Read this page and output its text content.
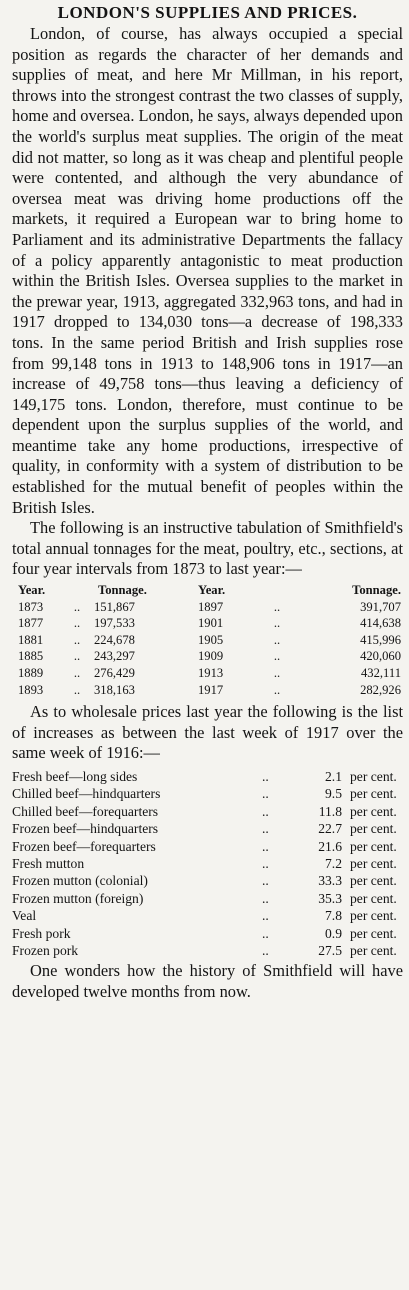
LONDON'S SUPPLIES AND PRICES.

London, of course, has always occupied a special position as regards the character of her demands and supplies of meat, and here Mr Millman, in his report, throws into the strongest contrast the two classes of supply, home and oversea. London, he says, always depended upon the world's surplus meat supplies. The origin of the meat did not matter, so long as it was cheap and plentiful people were contented, and although the very abundance of oversea meat was driving home productions off the markets, it required a European war to bring home to Parliament and its administrative Departments the fallacy of a policy apparently antagonistic to meat production within the British Isles. Oversea supplies to the market in the prewar year, 1913, aggregated 332,963 tons, and had in 1917 dropped to 134,030 tons—a decrease of 198,333 tons. In the same period British and Irish supplies rose from 99,148 tons in 1913 to 148,906 tons in 1917—an increase of 49,758 tons—thus leaving a deficiency of 149,175 tons. London, therefore, must continue to be dependent upon the surplus supplies of the world, and meantime take any home productions, irrespective of quality, in conformity with a system of distribution to be established for the mutual benefit of peoples within the British Isles.

The following is an instructive tabulation of Smithfield's total annual tonnages for the meat, poultry, etc., sections, at four year intervals from 1873 to last year:—

Year.	Tonnage.		Year.	Tonnage.	
1873	..	151,867	1897	..	391,707
1877	..	197,533	1901	..	414,638
1881	..	224,678	1905	..	415,996
1885	..	243,297	1909	..	420,060
1889	..	276,429	1913	..	432,111
1893	..	318,163	1917	..	282,926

As to wholesale prices last year the following is the list of increases as between the last week of 1917 over the same week of 1916:—

Fresh beef—long sides	..	2.1	per cent.
Chilled beef—hindquarters	..	9.5	per cent.
Chilled beef—forequarters	..	11.8	per cent.
Frozen beef—hindquarters	..	22.7	per cent.
Frozen beef—forequarters	..	21.6	per cent.
Fresh mutton	..	7.2	per cent.
Frozen mutton (colonial)	..	33.3	per cent.
Frozen mutton (foreign)	..	35.3	per cent.
Veal	..	7.8	per cent.
Fresh pork	..	0.9	per cent.
Frozen pork	..	27.5	per cent.

One wonders how the history of Smithfield will have developed twelve months from now.
